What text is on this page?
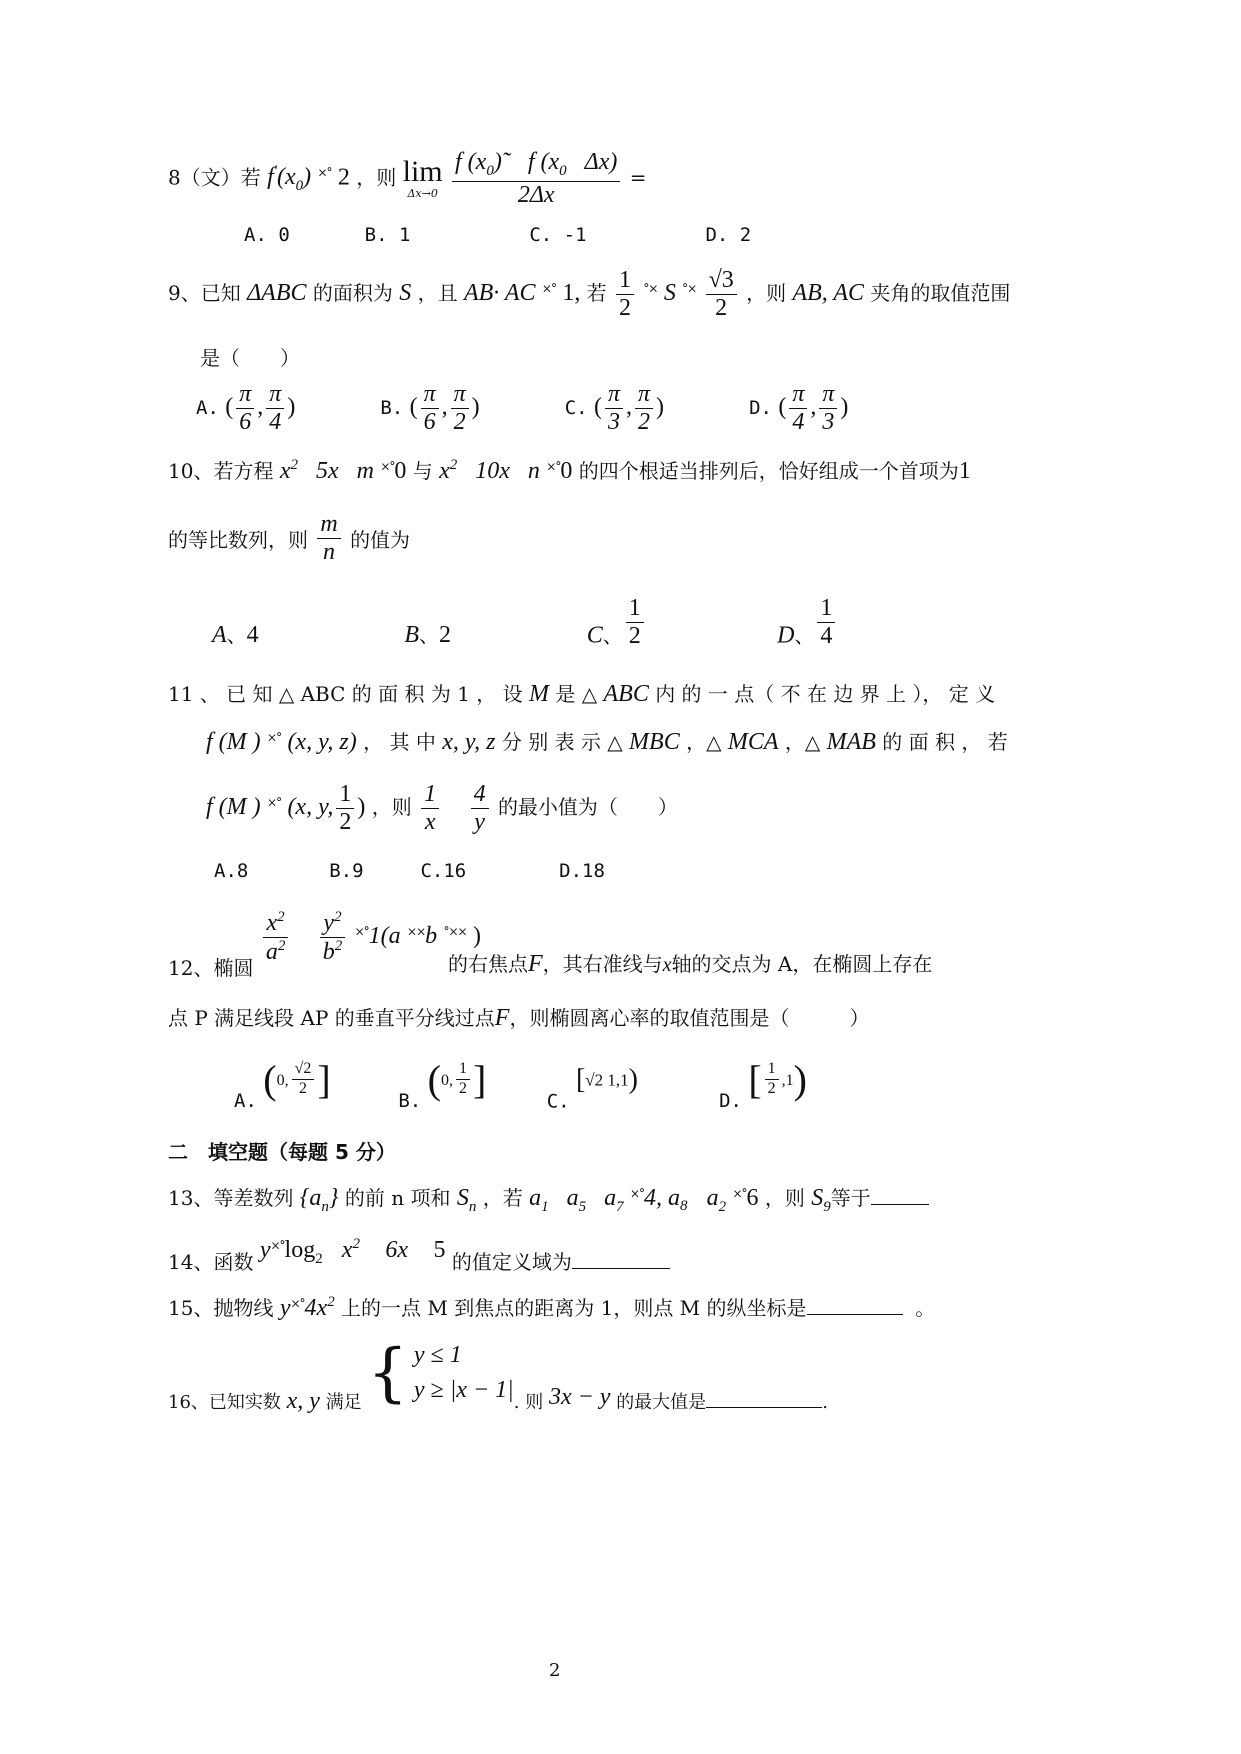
8（文）若 $f'(x_0)$ ×° 2 ，则 lim
Δx→0
$\frac{f (x_0)˜ f (x_0 \Delta x)}{2\Delta x}$ =
A. 0	B. 1	C. -1	D. 2
9、已知 ΔABC 的面积为 S ，且 AB· AC ×° 1, 若 $\frac{1}{2} ^{^\circ\times}$ S $^{^\circ\times} \frac{√3}{2}$ ，则 AB, AC 夹角的取值范围
是（　　）
A. ( $\frac{\pi}{6}$ , $\frac{\pi}{4}$ )	B. ( $\frac{\pi}{6}$ , $\frac{\pi}{2}$ )	C. ( $\frac{\pi}{3}$ , $\frac{\pi}{2}$ )	D. ( $\frac{\pi}{4}$ , $\frac{\pi}{3}$ )
10、若方程 $x^2$ 5x m ×°0 与 $x^2$ 10x n ×°0 的四个根适当排列后，恰好组成一个首项为1
的等比数列，则 $\frac{m}{n}$ 的值为
A、4	B、2	C、 $\frac{1}{2}$	D、 $\frac{1}{4}$
11 、 已 知 △ ABC 的 面 积 为 1 ， 设 M 是 △ ABC 内 的 一 点（ 不 在 边 界 上 ）， 定 义
f (M ) ×° (x, y, z) ， 其 中 x, y, z 分 别 表 示 △ MBC ，△ MCA ，△ MAB 的 面 积 ， 若
f (M ) ×° (x, y, $\frac{1}{2}$ ) ，则 $\frac{1}{x}$
$\frac{4}{y}$ 的最小值为（　　）
A.8	B.9	C.16	D.18
12、椭圆
$\frac{x^2}{a^2}$
$\frac{y^2}{b^2} ^{\times^\circ}1(a$ ××b °×× )
的右焦点F，其右准线与x轴的交点为 A，在椭圆上存在
点 P 满足线段 AP 的垂直平分线过点F，则椭圆离心率的取值范围是（　　　）
A. (0, $\frac{√2}{2}$ ]	B. (0, $\frac{1}{2}$ ]	C. [√2 1,1) D. [ $\frac{1}{2} ,1$)
二　填空题（每题 5 分）
13、等差数列 $\{a_n\}$ 的前 n 项和 $S_n$ ，若 $a_1$ $a_5$ $a_7$ ×°4, $a_8$ $a_2$ ×°6 ，则 $S_9$等于
14、函数 $y^{\times^\circ}\log_2$ $x^2$ 6x 5 的值定义域为
15、抛物线 $y^{\times^\circ}4x^2$ 上的一点 M 到焦点的距离为 1，则点 M 的纵坐标是	。
16、已知实数 x, y 满足 { y ≤ 1
y ≥ |x − 1| . 则 3x − y 的最大值是	.
2
